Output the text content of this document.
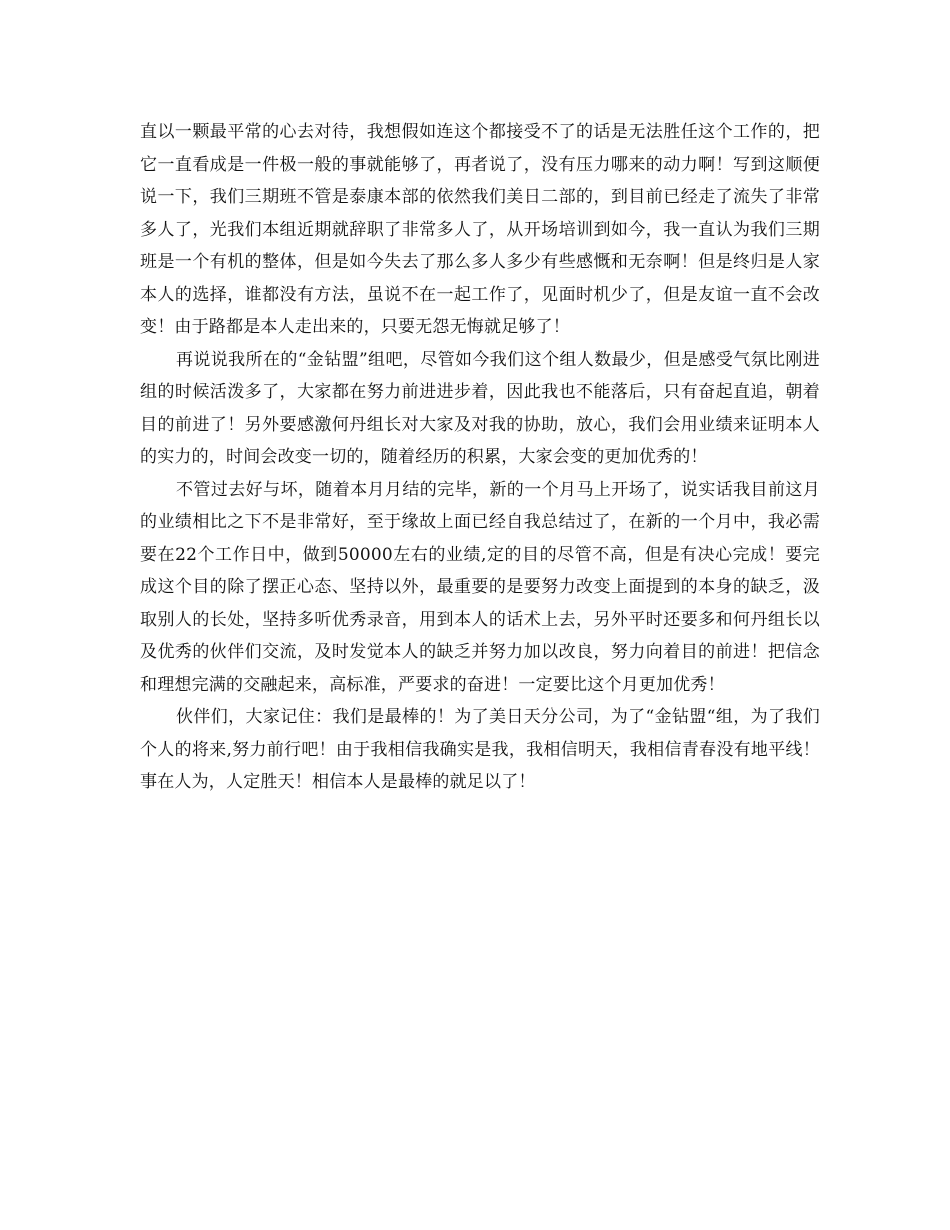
直以一颗最平常的心去对待，我想假如连这个都接受不了的话是无法胜任这个工作的，把它一直看成是一件极一般的事就能够了，再者说了，没有压力哪来的动力啊！写到这顺便说一下，我们三期班不管是泰康本部的依然我们美日二部的，到目前已经走了流失了非常多人了，光我们本组近期就辞职了非常多人了，从开场培训到如今，我一直认为我们三期班是一个有机的整体，但是如今失去了那么多人多少有些感慨和无奈啊！但是终归是人家本人的选择，谁都没有方法，虽说不在一起工作了，见面时机少了，但是友谊一直不会改变！由于路都是本人走出来的，只要无怨无悔就足够了！

再说说我所在的“金钻盟”组吧，尽管如今我们这个组人数最少，但是感受气氛比刚进组的时候活泼多了，大家都在努力前进进步着，因此我也不能落后，只有奋起直追，朝着目的前进了！另外要感激何丹组长对大家及对我的协助，放心，我们会用业绩来证明本人的实力的，时间会改变一切的，随着经历的积累，大家会变的更加优秀的！

不管过去好与坏，随着本月月结的完毕，新的一个月马上开场了，说实话我目前这月的业绩相比之下不是非常好，至于缘故上面已经自我总结过了，在新的一个月中，我必需要在22个工作日中，做到50000左右的业绩,定的目的尽管不高，但是有决心完成！要完成这个目的除了摆正心态、坚持以外，最重要的是要努力改变上面提到的本身的缺乏，汲取别人的长处，坚持多听优秀录音，用到本人的话术上去，另外平时还要多和何丹组长以及优秀的伙伴们交流，及时发觉本人的缺乏并努力加以改良，努力向着目的前进！把信念和理想完满的交融起来，高标准，严要求的奋进！一定要比这个月更加优秀！

伙伴们，大家记住：我们是最棒的！为了美日天分公司，为了“金钻盟“组，为了我们个人的将来,努力前行吧！由于我相信我确实是我，我相信明天，我相信青春没有地平线！事在人为，人定胜天！相信本人是最棒的就足以了！
